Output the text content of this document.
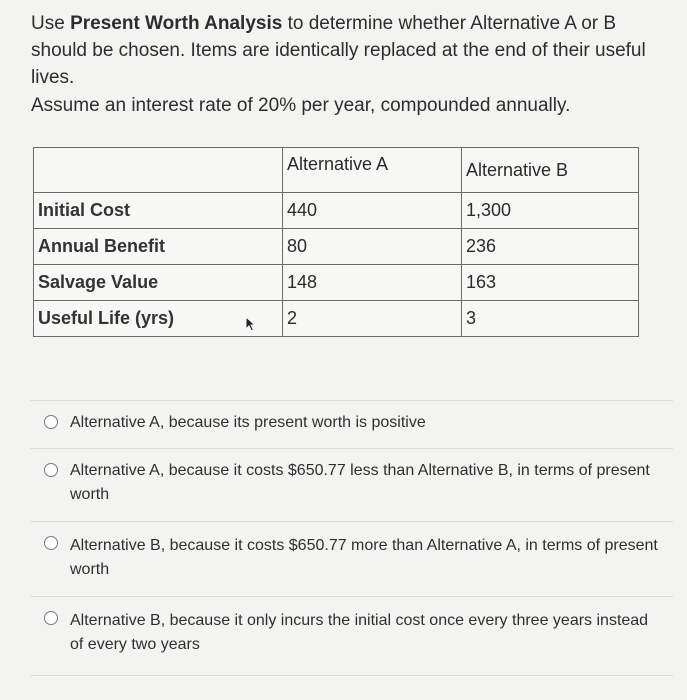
Use Present Worth Analysis to determine whether Alternative A or B should be chosen. Items are identically replaced at the end of their useful lives.

Assume an interest rate of 20% per year, compounded annually.

	Alternative A	Alternative B
Initial Cost	440	1,300
Annual Benefit	80	236
Salvage Value	148	163
Useful Life (yrs)	2	3
Alternative A, because its present worth is positive
Alternative A, because it costs $650.77 less than Alternative B, in terms of present worth
Alternative B, because it costs $650.77 more than Alternative A, in terms of present worth
Alternative B, because it only incurs the initial cost once every three years instead of every two years
